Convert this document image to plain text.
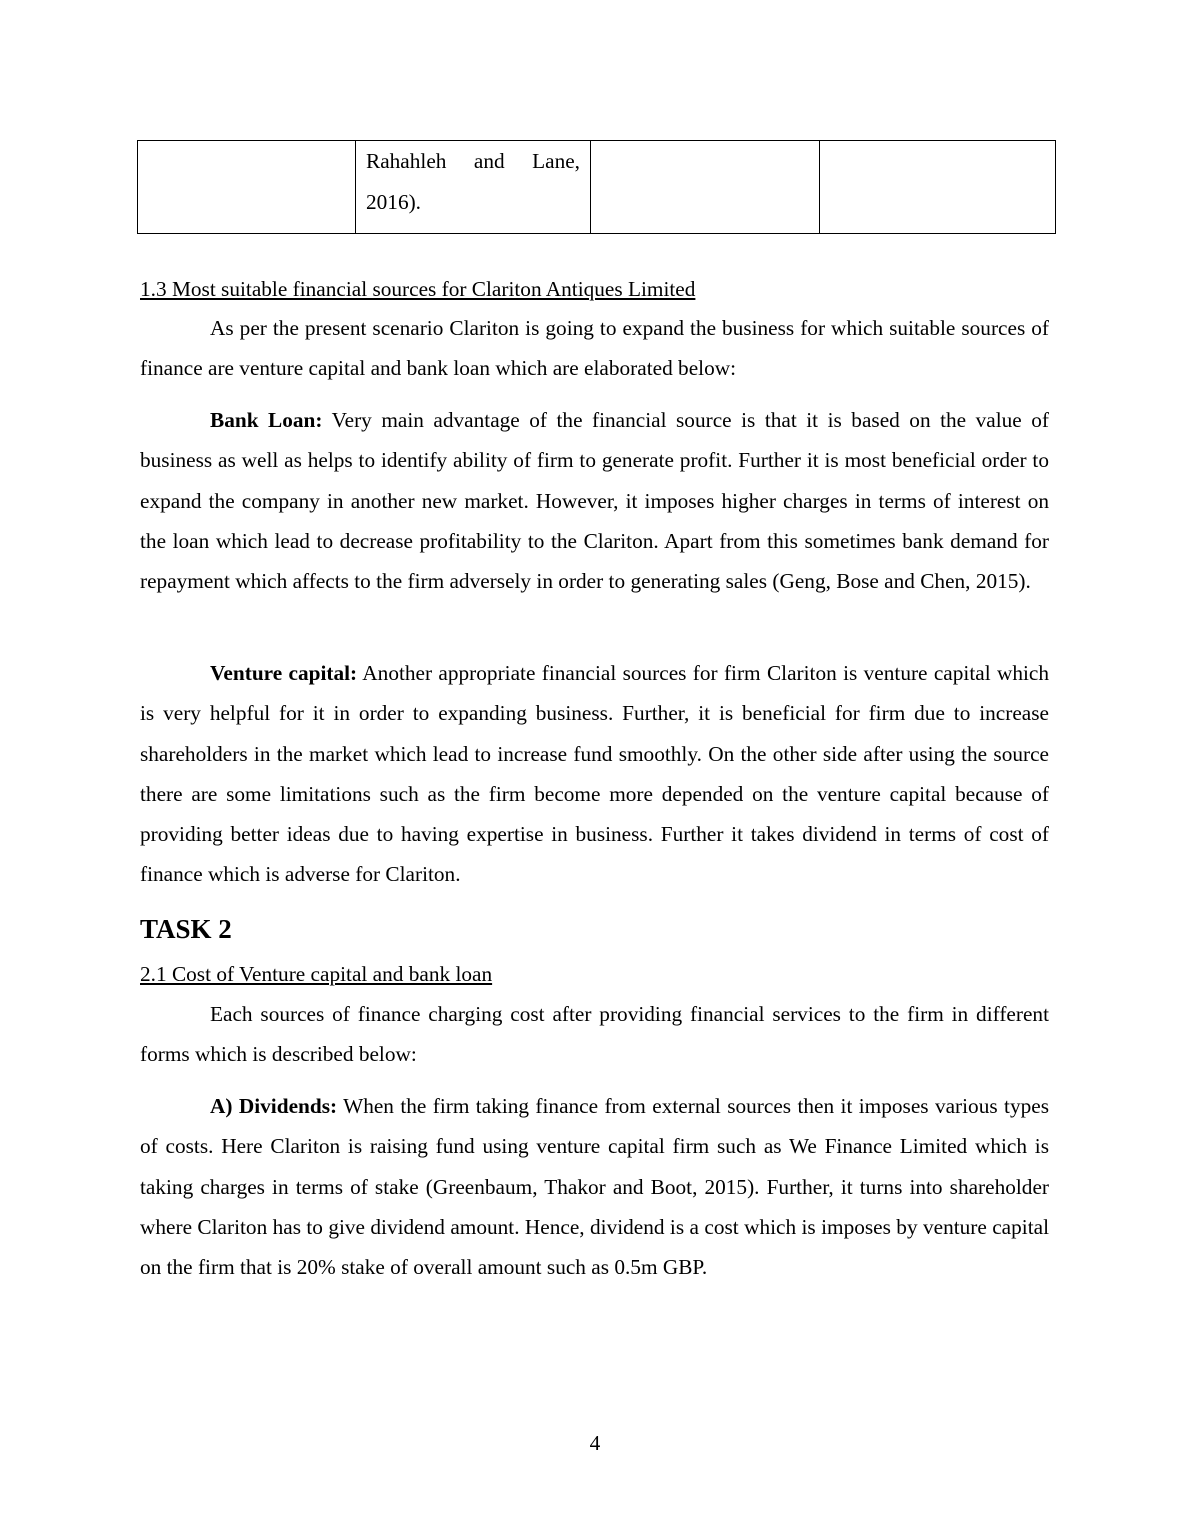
	Rahahleh and Lane, 2016).		
1.3 Most suitable financial sources for Clariton Antiques Limited

As per the present scenario Clariton is going to expand the business for which suitable sources of finance are venture capital and bank loan which are elaborated below:

Bank Loan: Very main advantage of the financial source is that it is based on the value of business as well as helps to identify ability of firm to generate profit. Further it is most beneficial order to expand the company in another new market. However, it imposes higher charges in terms of interest on the loan which lead to decrease profitability to the Clariton. Apart from this sometimes bank demand for repayment which affects to the firm adversely in order to generating sales (Geng, Bose and Chen, 2015).

Venture capital: Another appropriate financial sources for firm Clariton is venture capital which is very helpful for it in order to expanding business. Further, it is beneficial for firm due to increase shareholders in the market which lead to increase fund smoothly. On the other side after using the source there are some limitations such as the firm become more depended on the venture capital because of providing better ideas due to having expertise in business. Further it takes dividend in terms of cost of finance which is adverse for Clariton.

TASK 2
2.1 Cost of Venture capital and bank loan

Each sources of finance charging cost after providing financial services to the firm in different forms which is described below:

A) Dividends: When the firm taking finance from external sources then it imposes various types of costs. Here Clariton is raising fund using venture capital firm such as We Finance Limited which is taking charges in terms of stake (Greenbaum, Thakor and Boot, 2015). Further, it turns into shareholder where Clariton has to give dividend amount. Hence, dividend is a cost which is imposes by venture capital on the firm that is 20% stake of overall amount such as 0.5m GBP.

4
